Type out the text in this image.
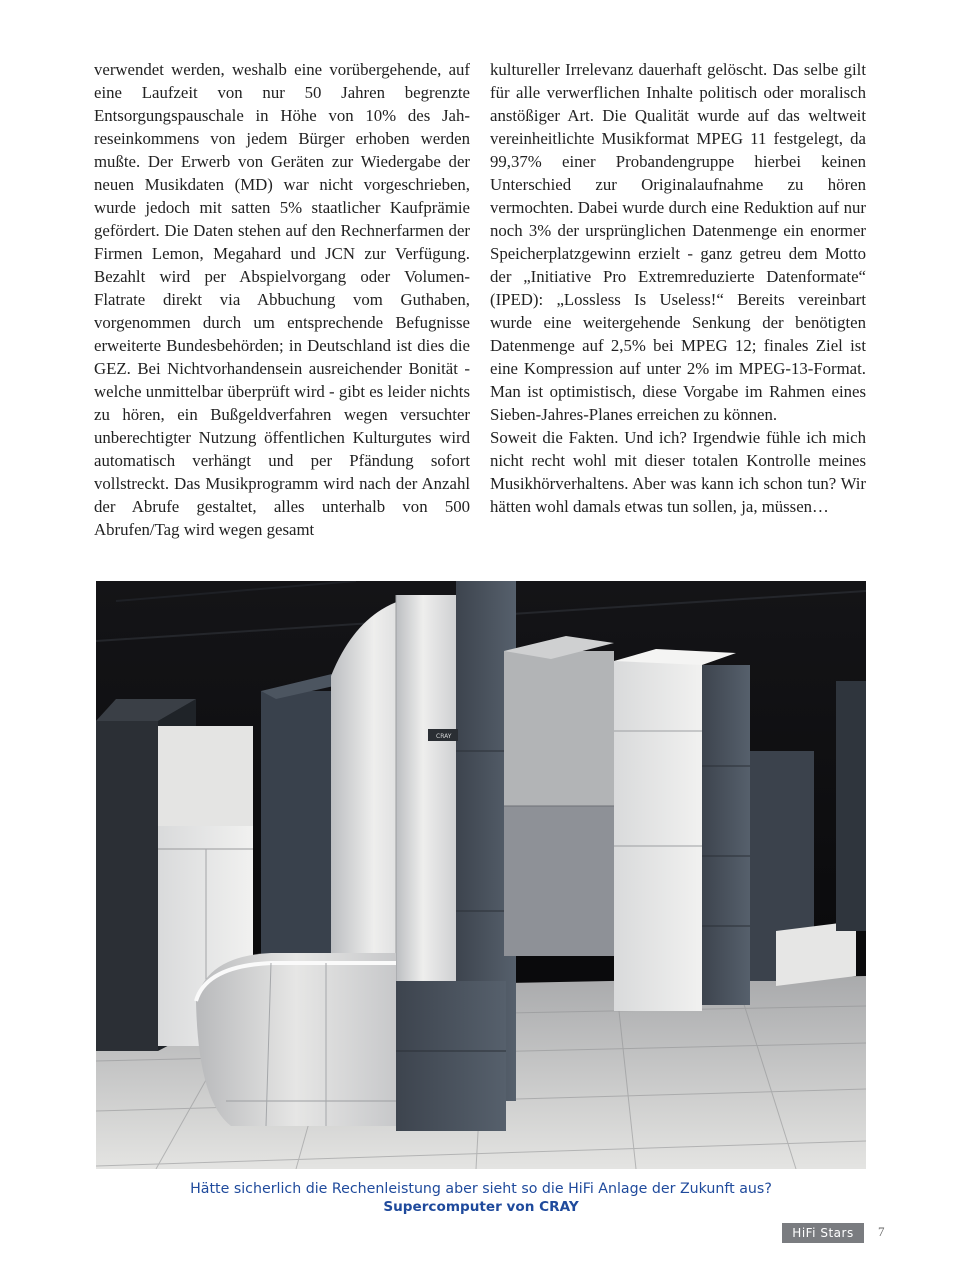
verwendet werden, weshalb eine vorübergehende, auf eine Laufzeit von nur 50 Jahren begrenzte Entsorgungspauschale in Höhe von 10% des Jahreseinkommens von jedem Bürger erhoben werden mußte. Der Erwerb von Geräten zur Wiedergabe der neuen Musikdaten (MD) war nicht vorgeschrieben, wurde jedoch mit satten 5% staatlicher Kaufprämie gefördert. Die Daten stehen auf den Rechnerfarmen der Firmen Lemon, Megahard und JCN zur Verfügung. Bezahlt wird per Abspielvorgang oder Volumen-Flatrate direkt via Abbuchung vom Guthaben, vorgenommen durch um entsprechende Befugnisse erweiterte Bundesbehörden; in Deutschland ist dies die GEZ. Bei Nichtvorhandensein ausreichender Bonität - welche unmittelbar überprüft wird - gibt es leider nichts zu hören, ein Bußgeldverfahren wegen versuchter unberechtigter Nutzung öffentlichen Kulturgutes wird automatisch verhängt und per Pfändung sofort vollstreckt. Das Musikprogramm wird nach der Anzahl der Abrufe gestaltet, alles unterhalb von 500 Abrufen/Tag wird wegen gesamt

kultureller Irrelevanz dauerhaft gelöscht. Das selbe gilt für alle verwerflichen Inhalte politisch oder moralisch anstößiger Art. Die Qualität wurde auf das weltweit vereinheitlichte Musikformat MPEG 11 festgelegt, da 99,37% einer Probandengruppe hierbei keinen Unterschied zur Originalaufnahme zu hören vermochten. Dabei wurde durch eine Reduktion auf nur noch 3% der ursprünglichen Datenmenge ein enormer Speicherplatzgewinn erzielt - ganz getreu dem Motto der „Initiative Pro Extremreduzierte Datenformate“ (IPED): „Lossless Is Useless!“ Bereits vereinbart wurde eine weitergehende Senkung der benötigten Datenmenge auf 2,5% bei MPEG 12; finales Ziel ist eine Kompression auf unter 2% im MPEG-13-Format. Man ist optimistisch, diese Vorgabe im Rahmen eines Sieben-Jahres-Planes erreichen zu können.

Soweit die Fakten. Und ich? Irgendwie fühle ich mich nicht recht wohl mit dieser totalen Kontrolle meines Musikhörverhaltens. Aber was kann ich schon tun? Wir hätten wohl damals etwas tun sollen, ja, müssen…

CRAY
Hätte sicherlich die Rechenleistung aber sieht so die HiFi Anlage der Zukunft aus?
Supercomputer von CRAY
HiFi Stars	7
